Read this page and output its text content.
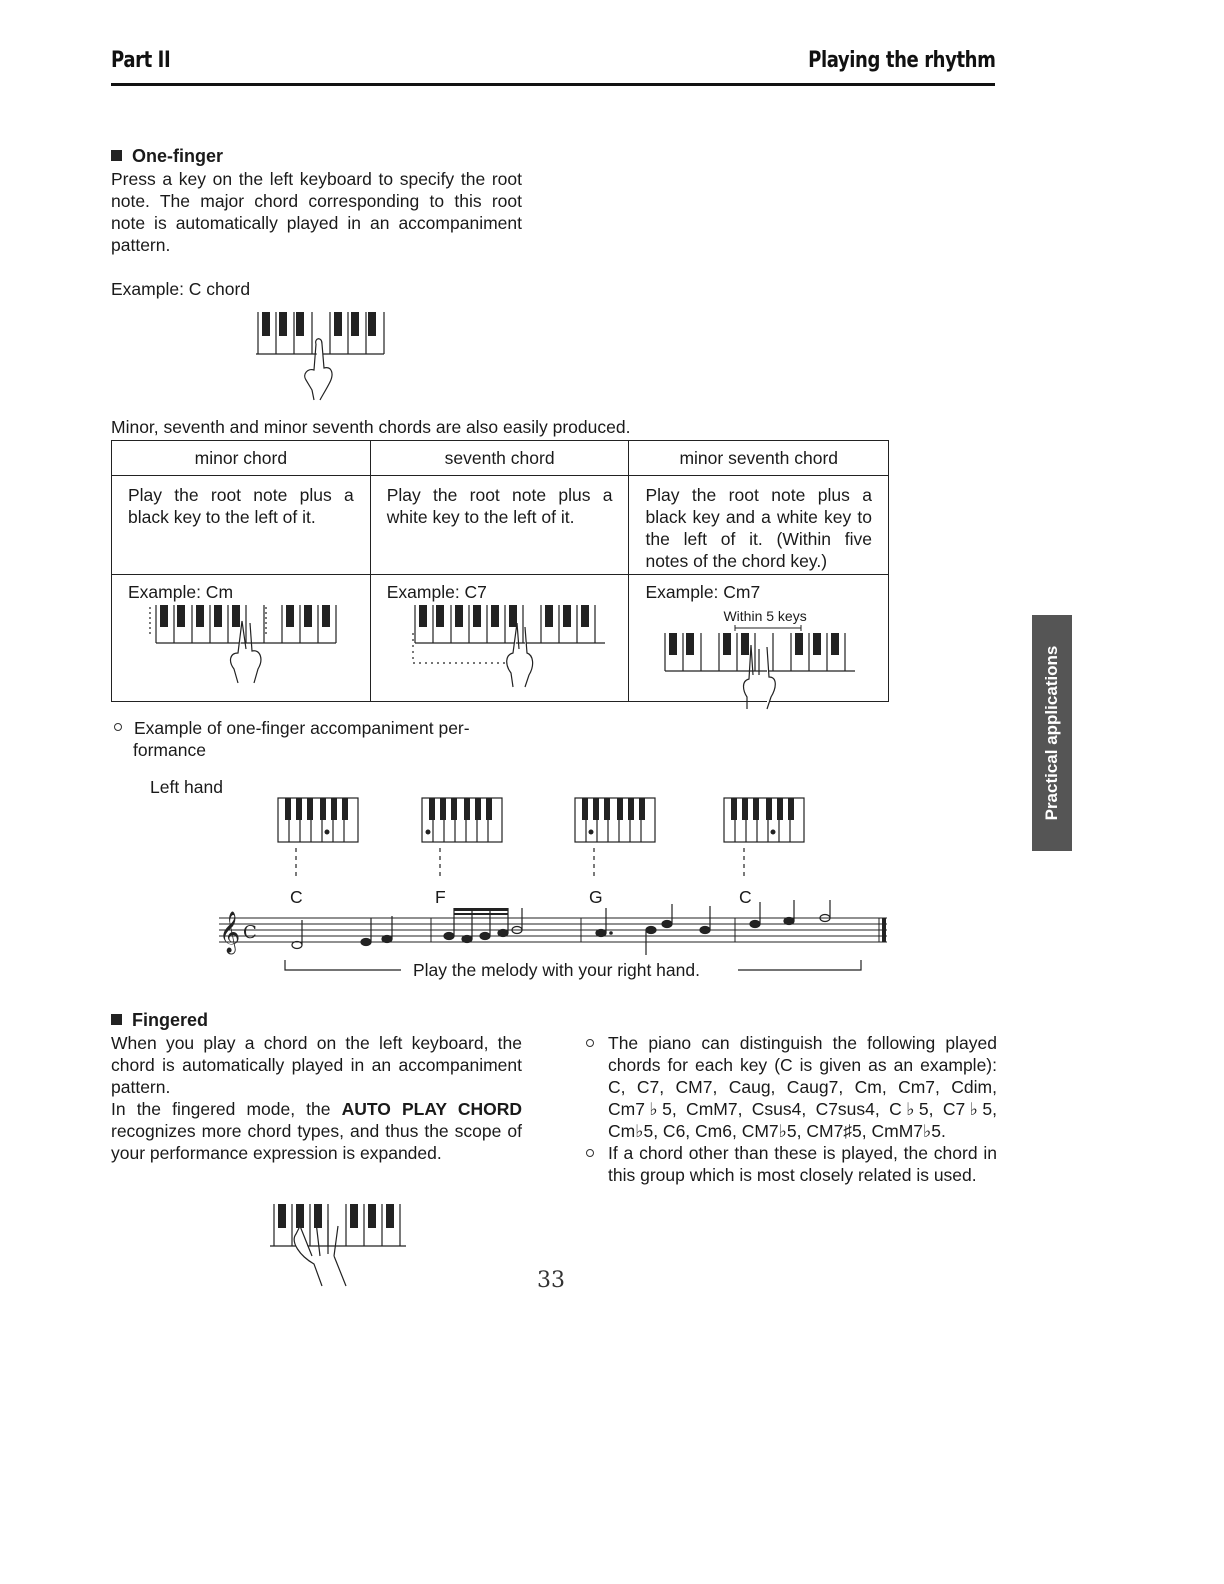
Part II	Playing the rhythm
One-finger
Press a key on the left keyboard to specify the root note. The major chord corresponding to this root note is automatically played in an accompaniment pattern.
Example: C chord
Minor, seventh and minor seventh chords are also easily produced.
minor chord	seventh chord	minor seventh chord
Play the root note plus a black key to the left of it.	Play the root note plus a white key to the left of it.	Play the root note plus a black key and a white key to the left of it. (Within five notes of the chord key.)

Example: Cm	Example: C7	Example: Cm7
Within 5 keys
Example of one-finger accompaniment per-
formance
Left hand
C	F	G	C
𝄞 C
Play the melody with your right hand.
Fingered
When you play a chord on the left keyboard, the chord is automatically played in an accompaniment pattern.
In the fingered mode, the AUTO PLAY CHORD recognizes more chord types, and thus the scope of your performance expression is expanded.
The piano can distinguish the following played chords for each key (C is given as an example): C, C7, CM7, Caug, Caug7, Cm, Cm7, Cdim, Cm7♭5, CmM7, Csus4, C7sus4, C♭5, C7♭5, Cm♭5, C6, Cm6, CM7♭5, CM7♯5, CmM7♭5.
If a chord other than these is played, the chord in this group which is most closely related is used.
Practical applications
33
